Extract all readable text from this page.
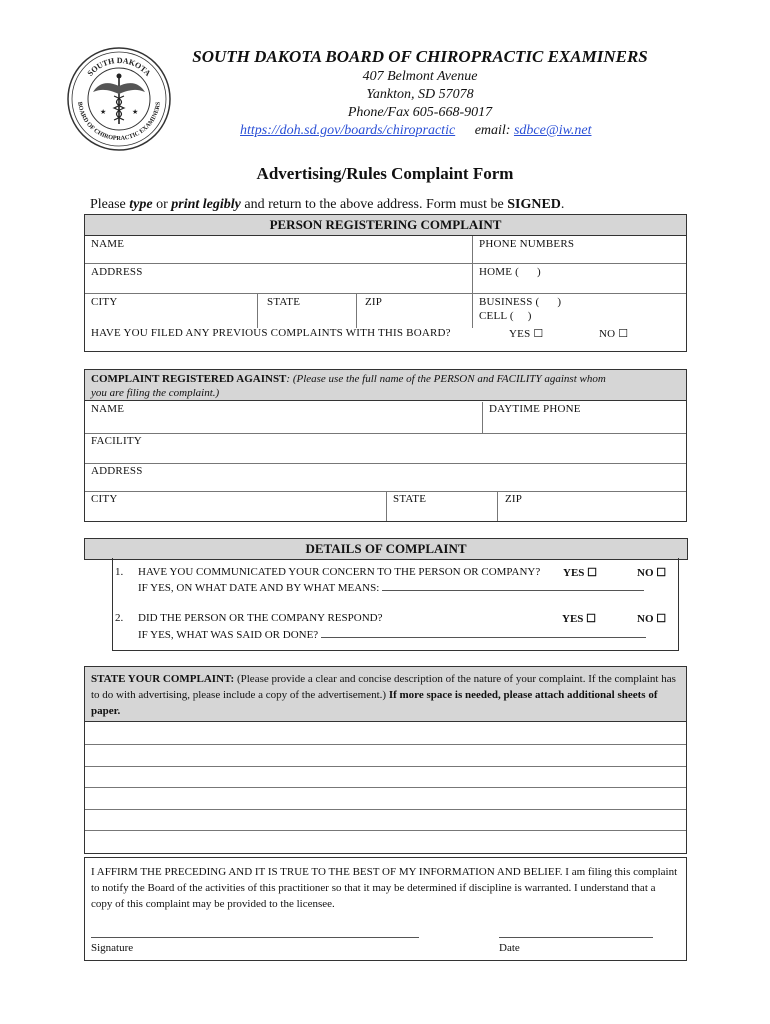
SOUTH DAKOTA
BOARD OF CHIROPRACTIC EXAMINERS
★	★
SOUTH DAKOTA BOARD OF CHIROPRACTIC EXAMINERS
407 Belmont Avenue
Yankton, SD 57078
Phone/Fax 605-668-9017
https://doh.sd.gov/boards/chiropractic email: sdbce@iw.net
Advertising/Rules Complaint Form
Please type or print legibly and return to the above address. Form must be SIGNED.
PERSON REGISTERING COMPLAINT
NAME	PHONE NUMBERS
ADDRESS	HOME ( )
CITY	STATE	ZIP	BUSINESS ( )
CELL ( )
HAVE YOU FILED ANY PREVIOUS COMPLAINTS WITH THIS BOARD?	YES ☐	NO ☐
COMPLAINT REGISTERED AGAINST: (Please use the full name of the PERSON and FACILITY against whom
you are filing the complaint.)
NAME	DAYTIME PHONE
FACILITY
ADDRESS
CITY	STATE	ZIP
DETAILS OF COMPLAINT
1. HAVE YOU COMMUNICATED YOUR CONCERN TO THE PERSON OR COMPANY? YES ☐	NO ☐
IF YES, ON WHAT DATE AND BY WHAT MEANS:
2. DID THE PERSON OR THE COMPANY RESPOND?	YES ☐	NO ☐
IF YES, WHAT WAS SAID OR DONE?
STATE YOUR COMPLAINT: (Please provide a clear and concise description of the nature of your complaint. If the complaint has to do with advertising, please include a copy of the advertisement.) If more space is needed, please attach additional sheets of paper.
I AFFIRM THE PRECEDING AND IT IS TRUE TO THE BEST OF MY INFORMATION AND BELIEF. I am filing this complaint to notify the Board of the activities of this practitioner so that it may be determined if discipline is warranted. I understand that a copy of this complaint may be provided to the licensee.
Signature	Date
